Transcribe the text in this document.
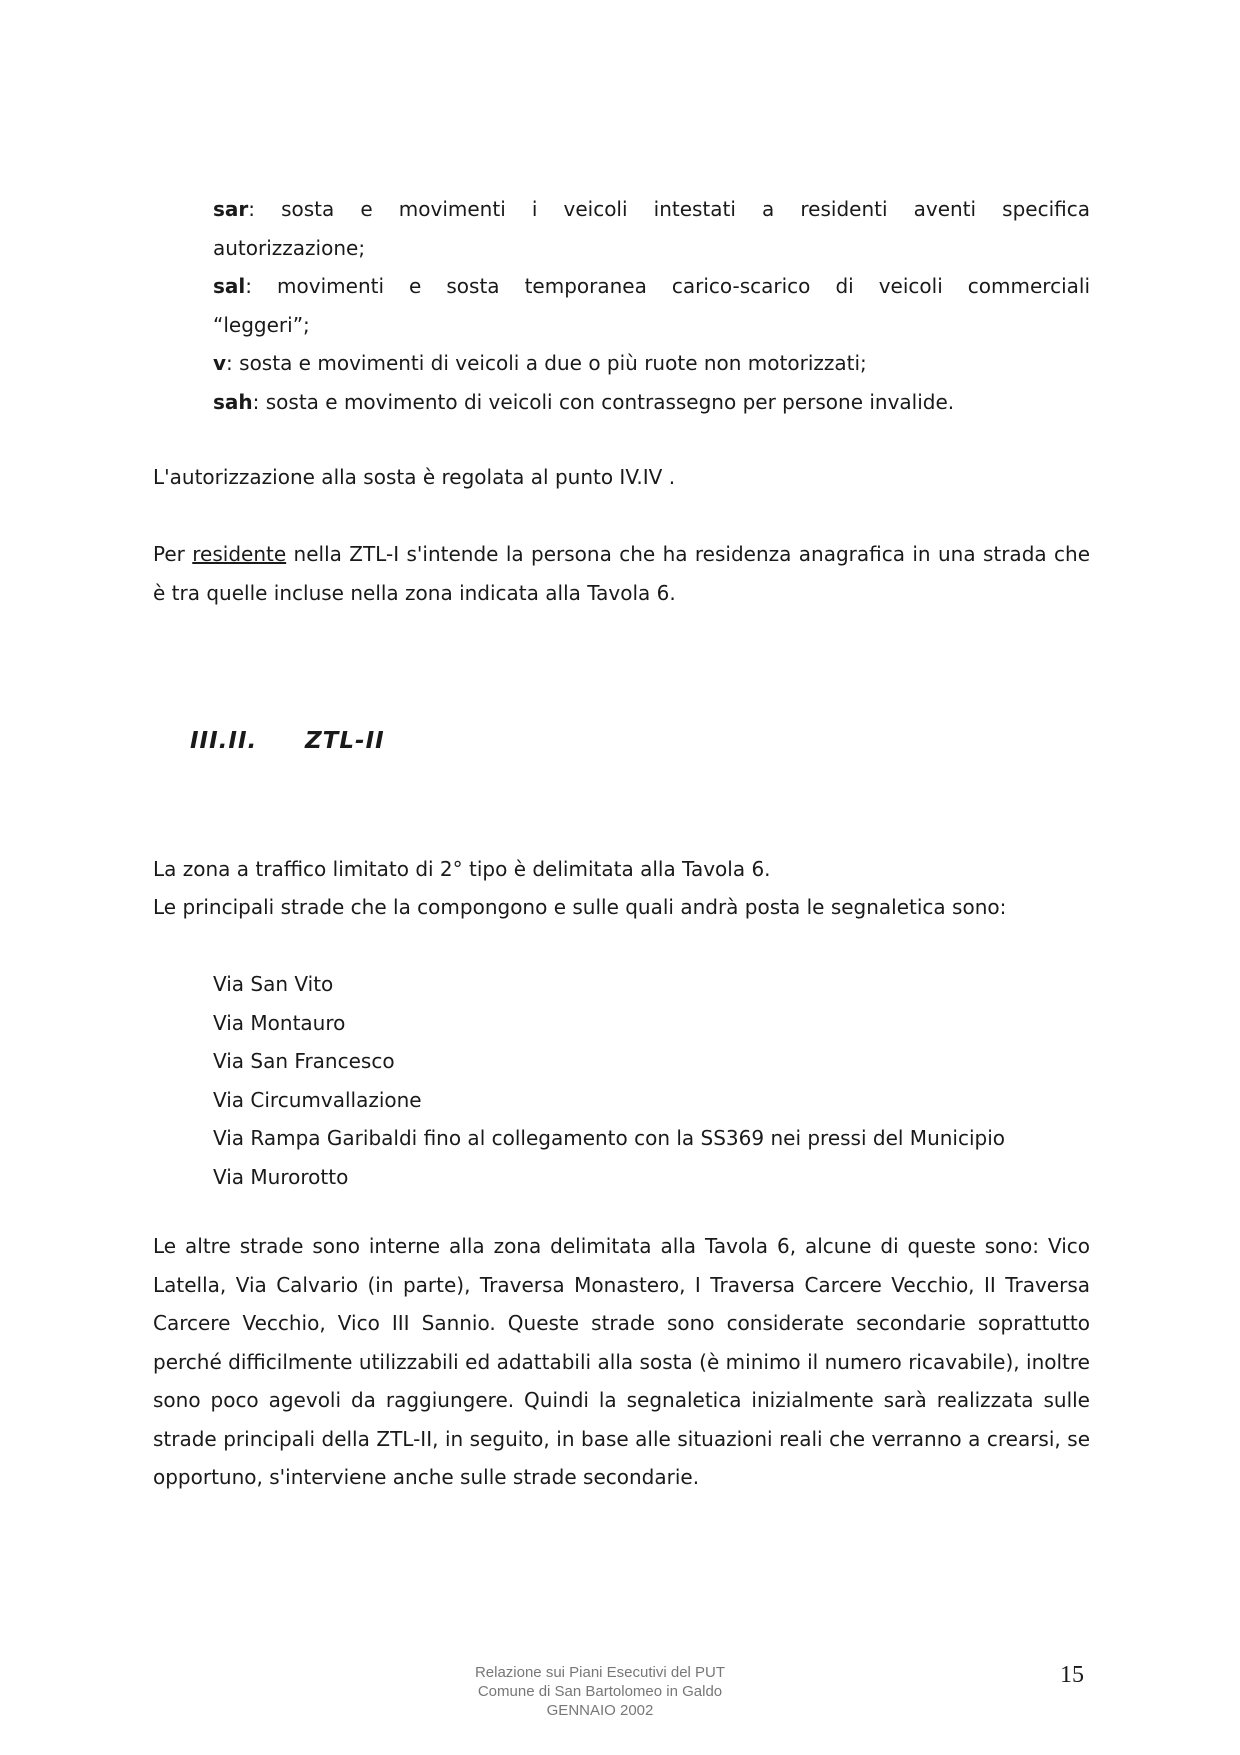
sar: sosta e movimenti i veicoli intestati a residenti aventi specifica
autorizzazione;
sal: movimenti e sosta temporanea carico-scarico di veicoli commerciali
“leggeri”;
v: sosta e movimenti di veicoli a due o più ruote non motorizzati;
sah: sosta e movimento di veicoli con contrassegno per persone invalide.
L'autorizzazione alla sosta è regolata al punto IV.IV .
Per residente nella ZTL-I s'intende la persona che ha residenza anagrafica in una strada che è tra quelle incluse nella zona indicata alla Tavola 6.
III.II. ZTL-II
La zona a traffico limitato di 2° tipo è delimitata alla Tavola 6.
Le principali strade che la compongono e sulle quali andrà posta le segnaletica sono:
Via San Vito
Via Montauro
Via San Francesco
Via Circumvallazione
Via Rampa Garibaldi fino al collegamento con la SS369 nei pressi del Municipio
Via Murorotto
Le altre strade sono interne alla zona delimitata alla Tavola 6, alcune di queste sono: Vico Latella, Via Calvario (in parte), Traversa Monastero, I Traversa Carcere Vecchio, II Traversa Carcere Vecchio, Vico III Sannio. Queste strade sono considerate secondarie soprattutto perché difficilmente utilizzabili ed adattabili alla sosta (è minimo il numero ricavabile), inoltre sono poco agevoli da raggiungere. Quindi la segnaletica inizialmente sarà realizzata sulle strade principali della ZTL-II, in seguito, in base alle situazioni reali che verranno a crearsi, se opportuno, s'interviene anche sulle strade secondarie.
Relazione sui Piani Esecutivi del PUT
Comune di San Bartolomeo in Galdo
GENNAIO 2002
15
